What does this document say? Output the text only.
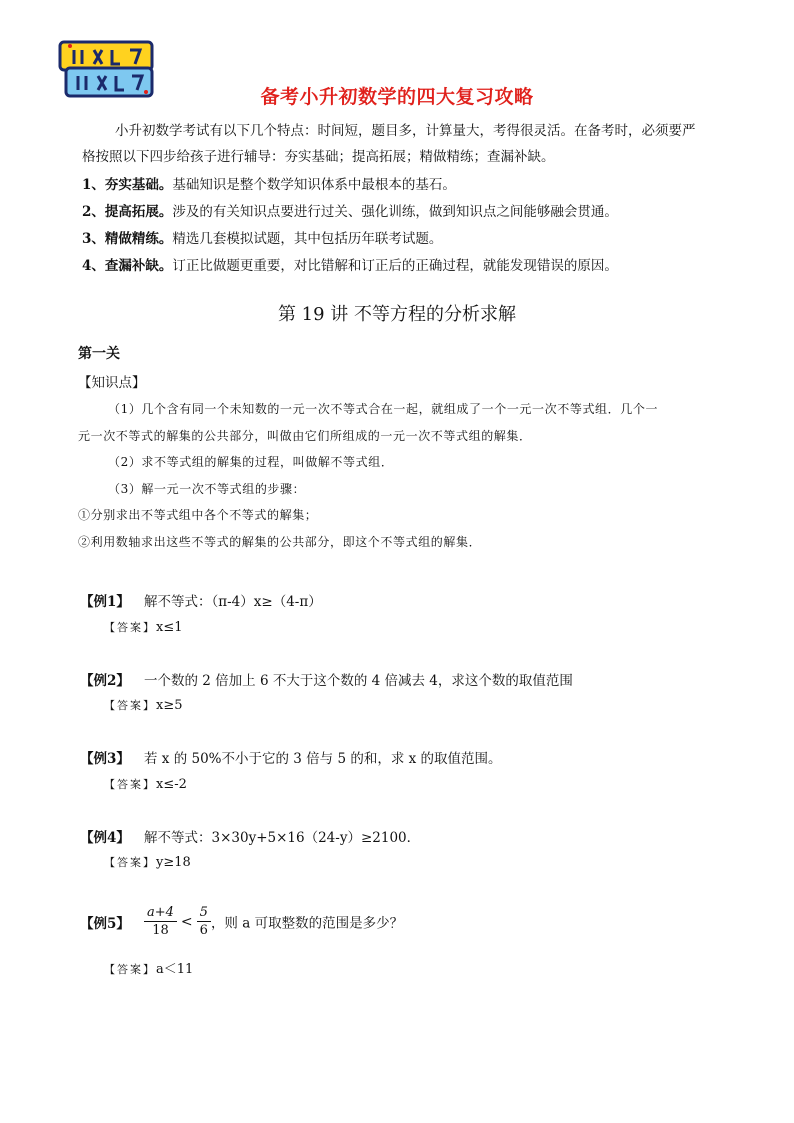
备考小升初数学的四大复习攻略

小升初数学考试有以下几个特点：时间短，题目多，计算量大，考得很灵活。在备考时，必须要严

格按照以下四步给孩子进行辅导：夯实基础；提高拓展；精做精练；查漏补缺。

1、夯实基础。基础知识是整个数学知识体系中最根本的基石。
2、提高拓展。涉及的有关知识点要进行过关、强化训练，做到知识点之间能够融会贯通。
3、精做精练。精选几套模拟试题，其中包括历年联考试题。
4、查漏补缺。订正比做题更重要，对比错解和订正后的正确过程，就能发现错误的原因。
第 19 讲 不等方程的分析求解
第一关
【知识点】

（1）几个含有同一个未知数的一元一次不等式合在一起，就组成了一个一元一次不等式组．几个一

元一次不等式的解集的公共部分，叫做由它们所组成的一元一次不等式组的解集．

（2）求不等式组的解集的过程，叫做解不等式组．

（3）解一元一次不等式组的步骤：

①分别求出不等式组中各个不等式的解集；

②利用数轴求出这些不等式的解集的公共部分，即这个不等式组的解集．

【例1】 解不等式：（π-4）x≥（4-π）
【答案】x≤1
【例2】 一个数的 2 倍加上 6 不大于这个数的 4 倍减去 4，求这个数的取值范围
【答案】x≥5
【例3】 若 x 的 50%不小于它的 3 倍与 5 的和，求 x 的取值范围。
【答案】x≤-2
【例4】 解不等式：3×30y+5×16（24-y）≥2100．
【答案】y≥18
【例5】 $\frac{a+4}{18} < \frac{5}{6}$ ，则 a 可取整数的范围是多少？
【答案】a＜11
